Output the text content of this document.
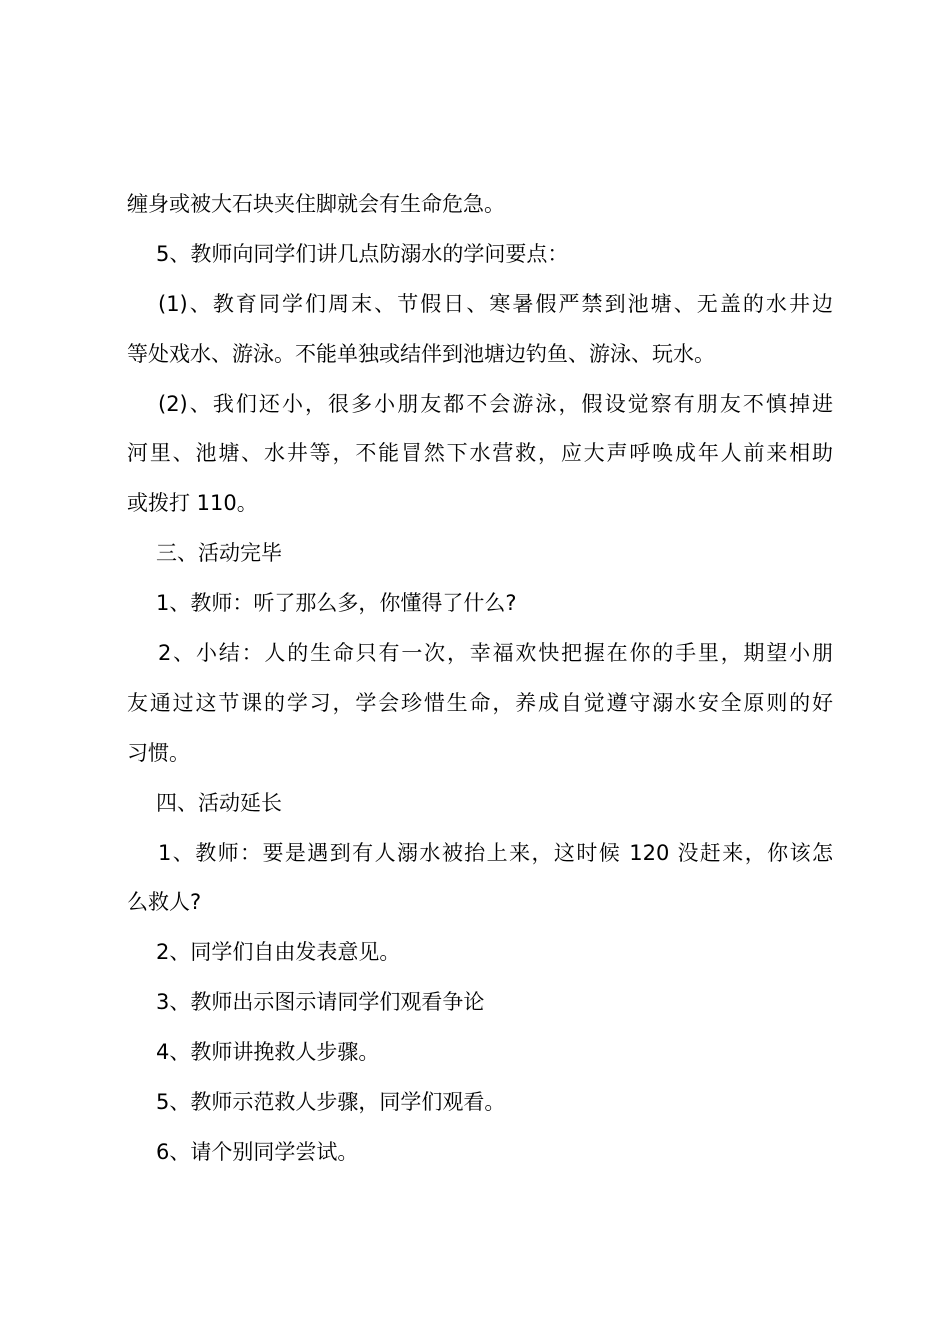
缠身或被大石块夹住脚就会有生命危急。
5、教师向同学们讲几点防溺水的学问要点：
(1)、教育同学们周末、节假日、寒暑假严禁到池塘、无盖的水井边
等处戏水、游泳。不能单独或结伴到池塘边钓鱼、游泳、玩水。
(2)、我们还小，很多小朋友都不会游泳，假设觉察有朋友不慎掉进
河里、池塘、水井等，不能冒然下水营救，应大声呼唤成年人前来相助
或拨打 110。
三、活动完毕
1、教师：听了那么多，你懂得了什么?
2、小结：人的生命只有一次，幸福欢快把握在你的手里，期望小朋
友通过这节课的学习，学会珍惜生命，养成自觉遵守溺水安全原则的好
习惯。
四、活动延长
1、教师：要是遇到有人溺水被抬上来，这时候 120 没赶来，你该怎
么救人?
2、同学们自由发表意见。
3、教师出示图示请同学们观看争论
4、教师讲挽救人步骤。
5、教师示范救人步骤，同学们观看。
6、请个别同学尝试。
